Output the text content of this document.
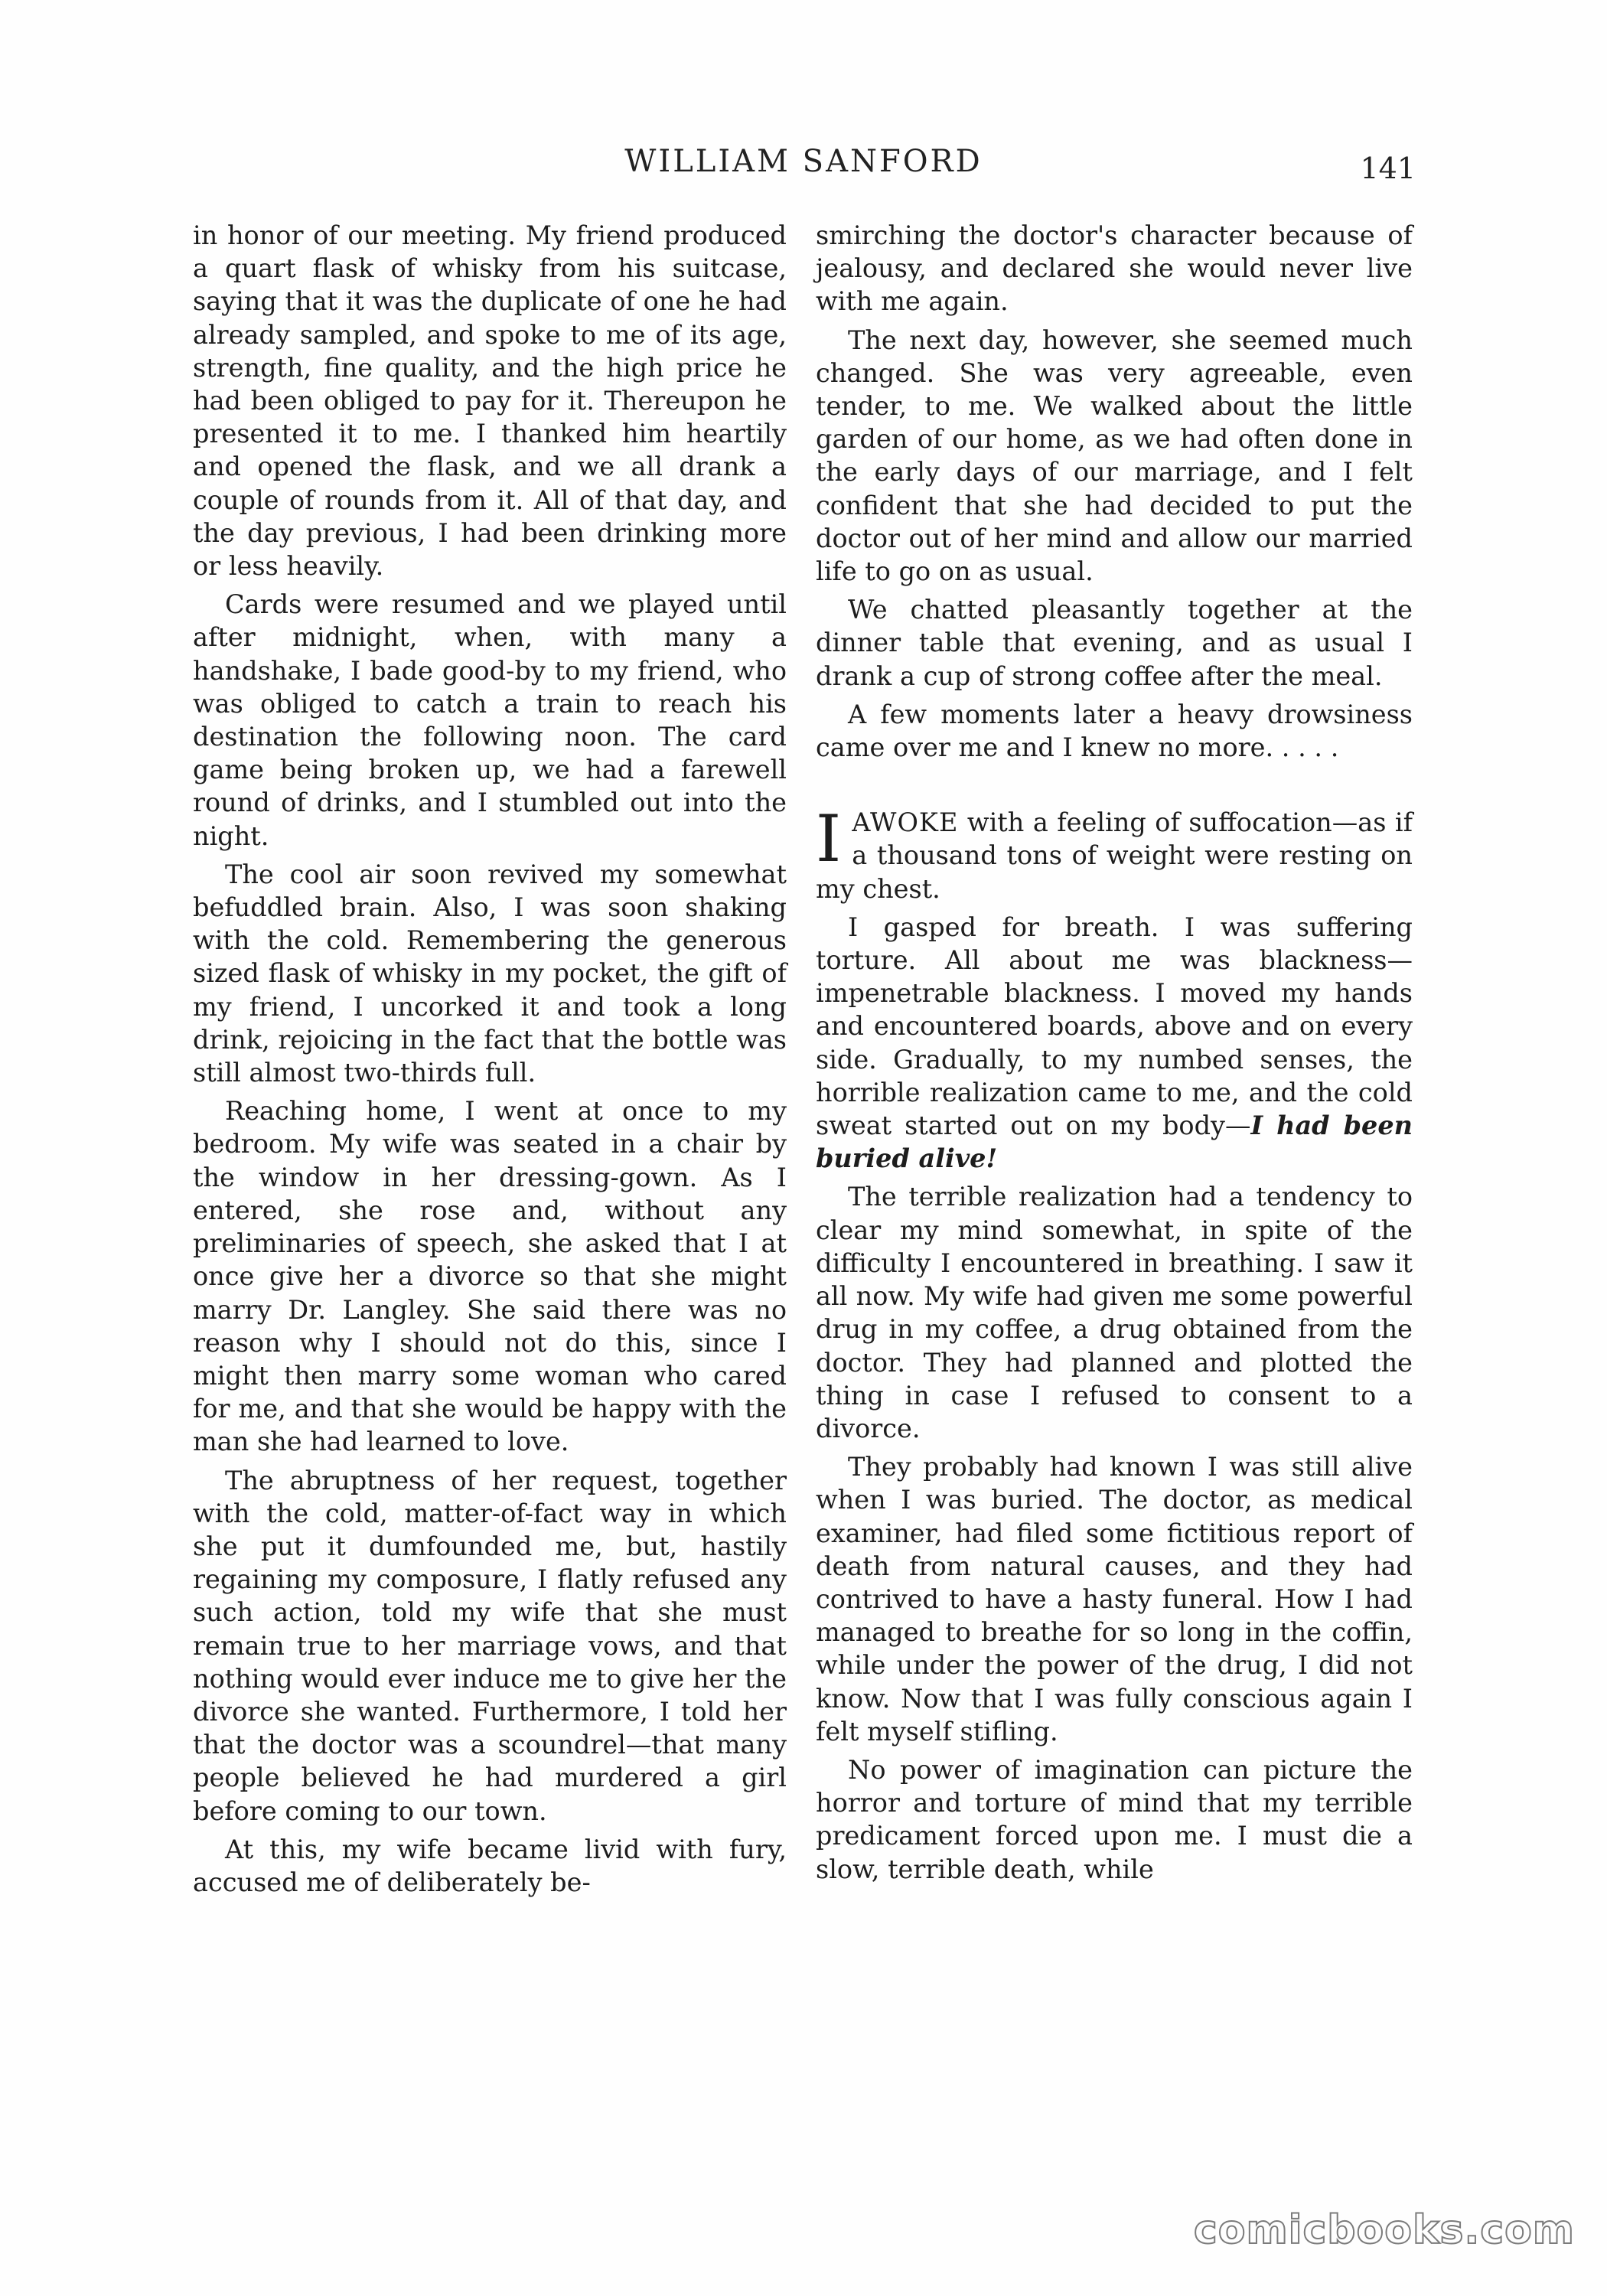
WILLIAM SANFORD	141

in honor of our meeting. My friend produced a quart flask of whisky from his suitcase, saying that it was the duplicate of one he had already sampled, and spoke to me of its age, strength, fine quality, and the high price he had been obliged to pay for it. Thereupon he presented it to me. I thanked him heartily and opened the flask, and we all drank a couple of rounds from it. All of that day, and the day previous, I had been drinking more or less heavily.

Cards were resumed and we played until after midnight, when, with many a handshake, I bade good-by to my friend, who was obliged to catch a train to reach his destination the following noon. The card game being broken up, we had a farewell round of drinks, and I stumbled out into the night.

The cool air soon revived my somewhat befuddled brain. Also, I was soon shaking with the cold. Remembering the generous sized flask of whisky in my pocket, the gift of my friend, I uncorked it and took a long drink, rejoicing in the fact that the bottle was still almost two-thirds full.

Reaching home, I went at once to my bedroom. My wife was seated in a chair by the window in her dressing-gown. As I entered, she rose and, without any preliminaries of speech, she asked that I at once give her a divorce so that she might marry Dr. Langley. She said there was no reason why I should not do this, since I might then marry some woman who cared for me, and that she would be happy with the man she had learned to love.

The abruptness of her request, together with the cold, matter-of-fact way in which she put it dumfounded me, but, hastily regaining my composure, I flatly refused any such action, told my wife that she must remain true to her marriage vows, and that nothing would ever induce me to give her the divorce she wanted. Furthermore, I told her that the doctor was a scoundrel—that many people believed he had murdered a girl before coming to our town.

At this, my wife became livid with fury, accused me of deliberately be-

smirching the doctor's character because of jealousy, and declared she would never live with me again.

The next day, however, she seemed much changed. She was very agreeable, even tender, to me. We walked about the little garden of our home, as we had often done in the early days of our marriage, and I felt confident that she had decided to put the doctor out of her mind and allow our married life to go on as usual.

We chatted pleasantly together at the dinner table that evening, and as usual I drank a cup of strong coffee after the meal.

A few moments later a heavy drowsiness came over me and I knew no more. . . . .

IAWOKE with a feeling of suffocation—as if a thousand tons of weight were resting on my chest.

I gasped for breath. I was suffering torture. All about me was blackness—impenetrable blackness. I moved my hands and encountered boards, above and on every side. Gradually, to my numbed senses, the horrible realization came to me, and the cold sweat started out on my body—I had been buried alive!

The terrible realization had a tendency to clear my mind somewhat, in spite of the difficulty I encountered in breathing. I saw it all now. My wife had given me some powerful drug in my coffee, a drug obtained from the doctor. They had planned and plotted the thing in case I refused to consent to a divorce.

They probably had known I was still alive when I was buried. The doctor, as medical examiner, had filed some fictitious report of death from natural causes, and they had contrived to have a hasty funeral. How I had managed to breathe for so long in the coffin, while under the power of the drug, I did not know. Now that I was fully conscious again I felt myself stifling.

No power of imagination can picture the horror and torture of mind that my terrible predicament forced upon me. I must die a slow, terrible death, while

comicbooks.com
